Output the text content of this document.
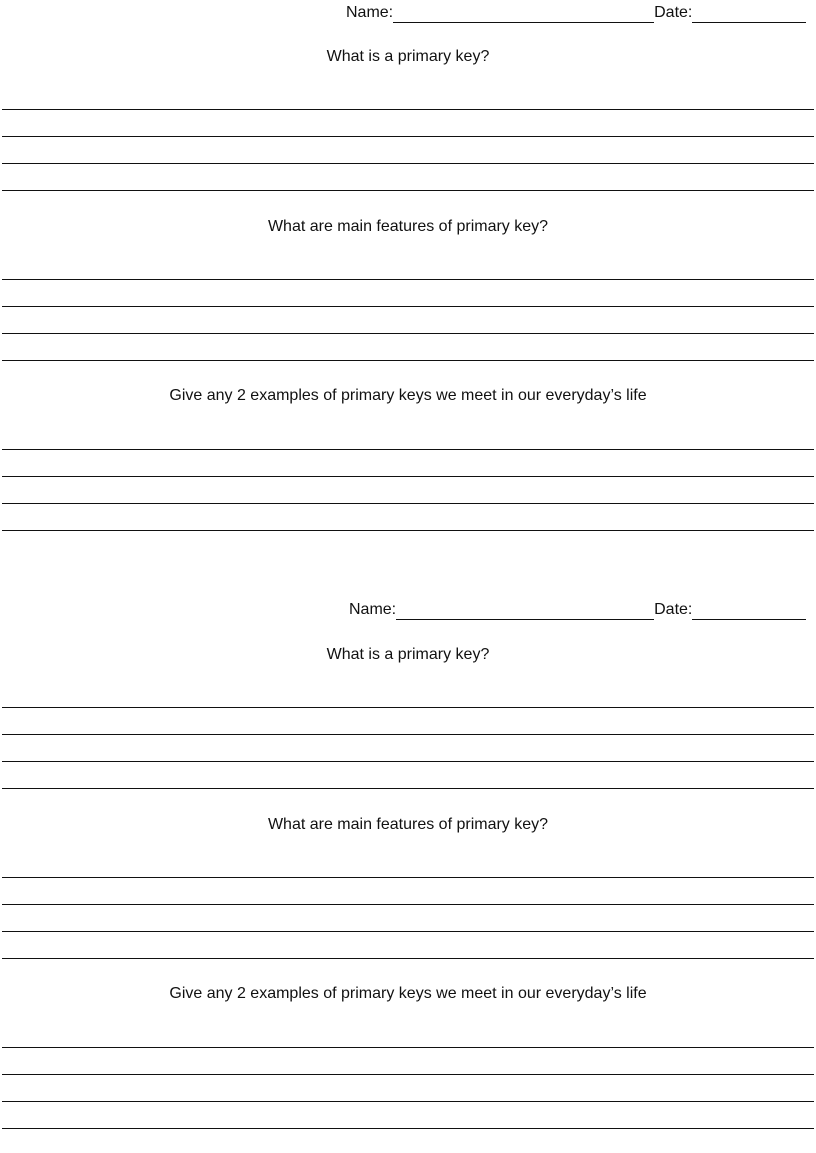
Name:	Date:
What is a primary key?
What are main features of primary key?
Give any 2 examples of primary keys we meet in our everyday’s life
Name:	Date:
What is a primary key?
What are main features of primary key?
Give any 2 examples of primary keys we meet in our everyday’s life
